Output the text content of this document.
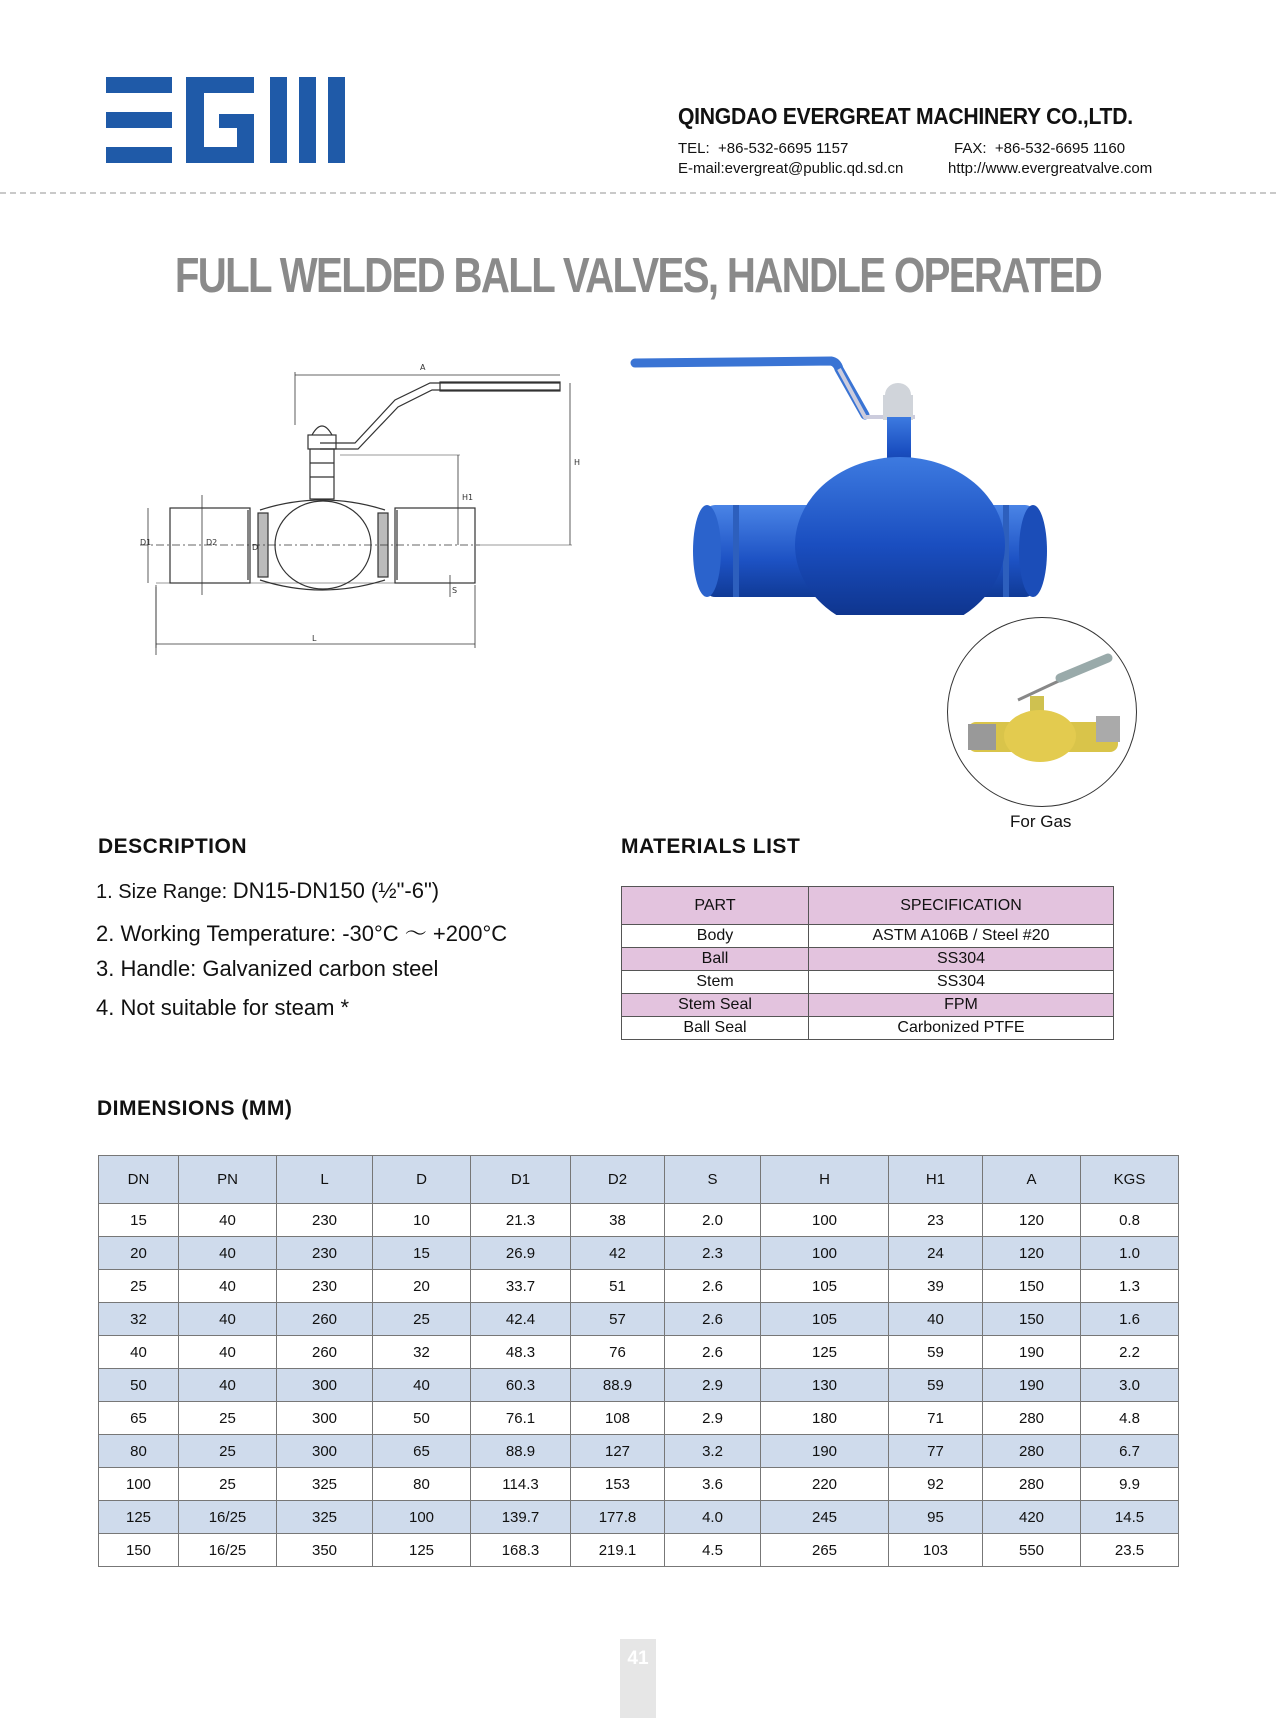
QINGDAO EVERGREAT MACHINERY CO.,LTD.
TEL: +86-532-6695 1157	FAX: +86-532-6695 1160
E-mail:evergreat@public.qd.sd.cn	http://www.evergreatvalve.com
FULL WELDED BALL VALVES, HANDLE OPERATED
A
H
H1
D1	D2
D
S
L
For Gas
DESCRIPTION
1. Size Range: DN15-DN150 (½"-6")
2. Working Temperature: -30°C ～ +200°C
3. Handle: Galvanized carbon steel
4. Not suitable for steam *
MATERIALS LIST
PART	SPECIFICATION
Body	ASTM A106B / Steel #20
Ball	SS304
Stem	SS304
Stem Seal	FPM
Ball Seal	Carbonized PTFE
DIMENSIONS (MM)
DN	PN	L	D	D1	D2	S	H	H1	A	KGS
15	40	230	10	21.3	38	2.0	100	23	120	0.8
20	40	230	15	26.9	42	2.3	100	24	120	1.0
25	40	230	20	33.7	51	2.6	105	39	150	1.3
32	40	260	25	42.4	57	2.6	105	40	150	1.6
40	40	260	32	48.3	76	2.6	125	59	190	2.2
50	40	300	40	60.3	88.9	2.9	130	59	190	3.0
65	25	300	50	76.1	108	2.9	180	71	280	4.8
80	25	300	65	88.9	127	3.2	190	77	280	6.7
100	25	325	80	114.3	153	3.6	220	92	280	9.9
125	16/25	325	100	139.7	177.8	4.0	245	95	420	14.5
150	16/25	350	125	168.3	219.1	4.5	265	103	550	23.5
41
